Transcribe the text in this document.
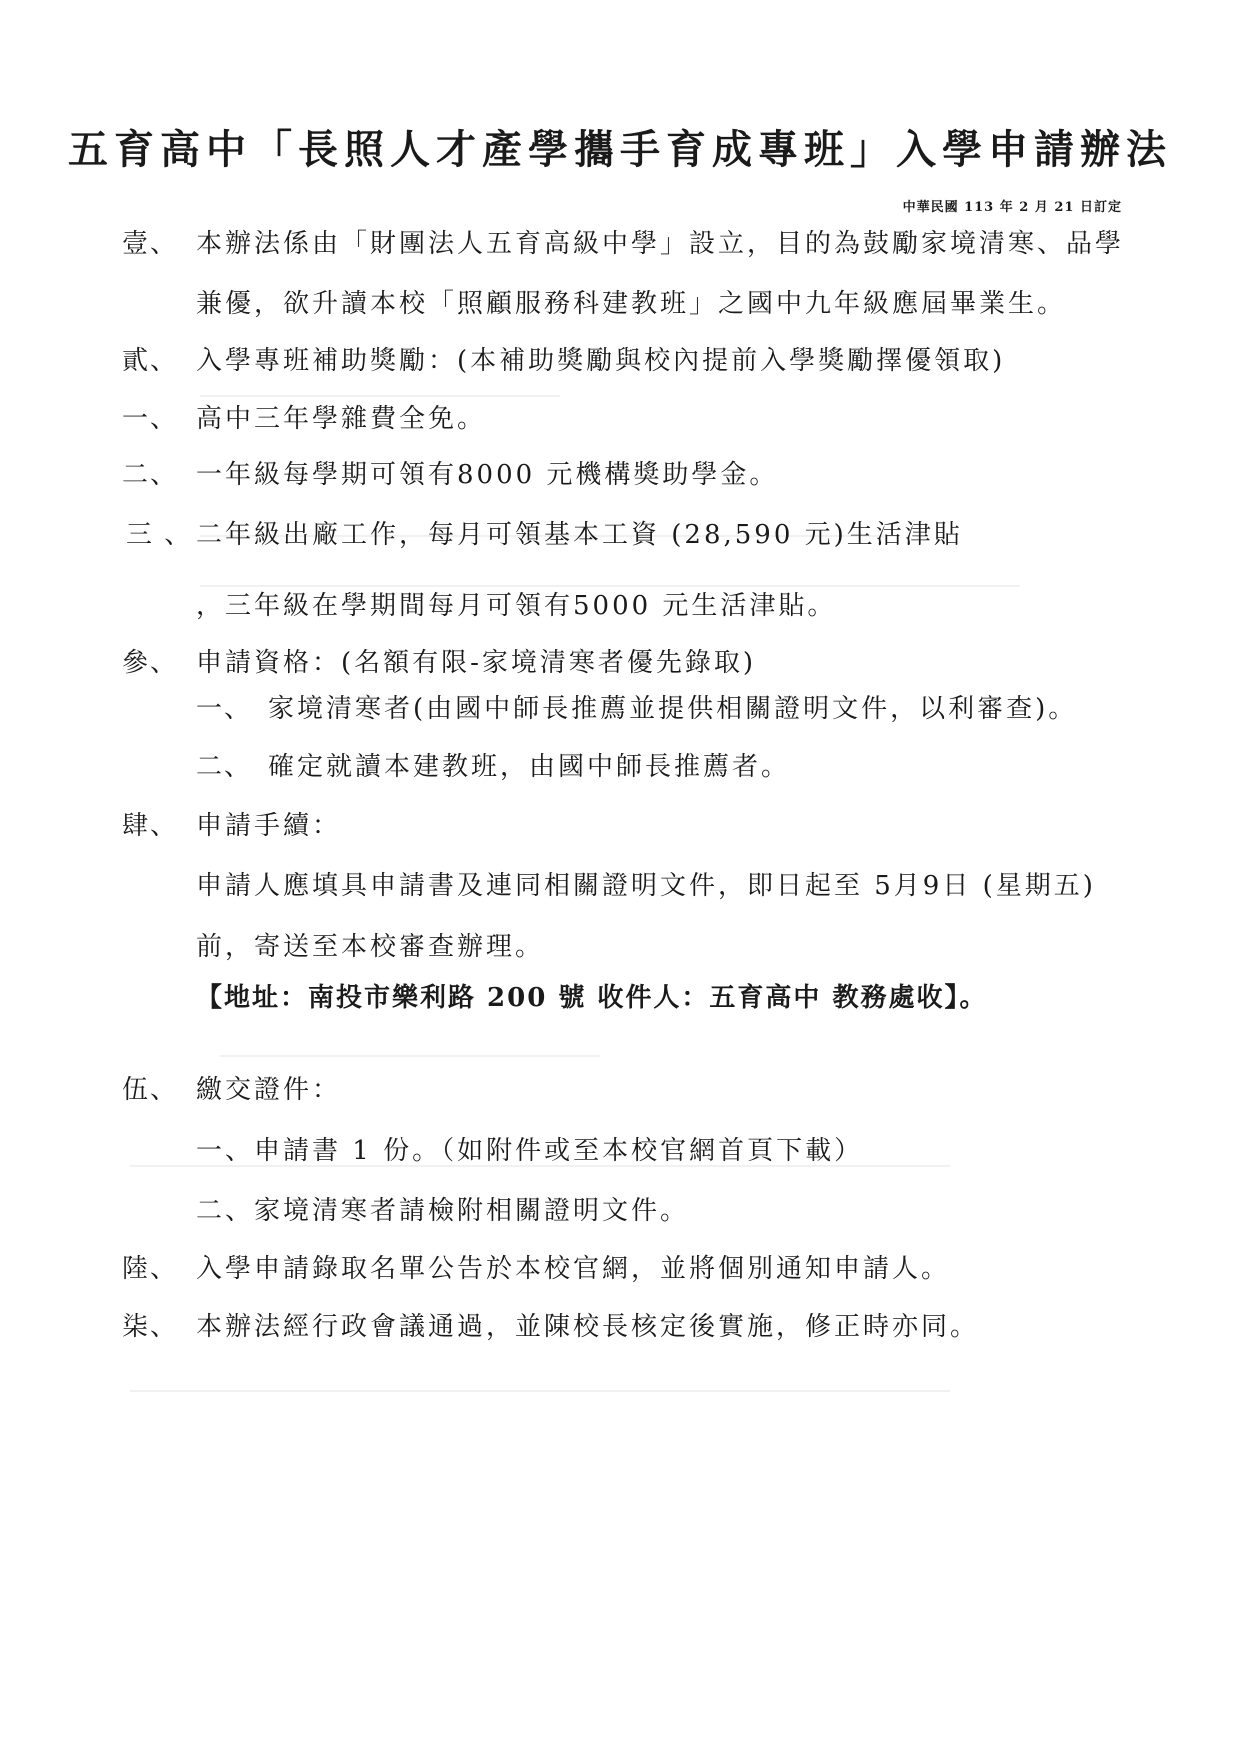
五育高中「長照人才產學攜手育成專班」入學申請辦法
中華民國 113 年 2 月 21 日訂定
壹、 本辦法係由「財團法人五育高級中學」設立，目的為鼓勵家境清寒、品學
兼優，欲升讀本校「照顧服務科建教班」之國中九年級應屆畢業生。
貳、 入學專班補助獎勵：(本補助獎勵與校內提前入學獎勵擇優領取)
一、 高中三年學雜費全免。
二、 一年級每學期可領有8000 元機構獎助學金。
三 、 二年級出廠工作，每月可領基本工資 (28,590 元)生活津貼
，三年級在學期間每月可領有5000 元生活津貼。
參、 申請資格：(名額有限-家境清寒者優先錄取)
一、 家境清寒者(由國中師長推薦並提供相關證明文件，以利審查)。
二、 確定就讀本建教班，由國中師長推薦者。
肆、 申請手續：
申請人應填具申請書及連同相關證明文件，即日起至 5月9日 (星期五)
前，寄送至本校審查辦理。
【地址：南投市樂利路 200 號 收件人：五育高中 教務處收】。
伍、 繳交證件：
一、申請書 1 份。（如附件或至本校官網首頁下載）
二、家境清寒者請檢附相關證明文件。
陸、 入學申請錄取名單公告於本校官網，並將個別通知申請人。
柒、 本辦法經行政會議通過，並陳校長核定後實施，修正時亦同。
